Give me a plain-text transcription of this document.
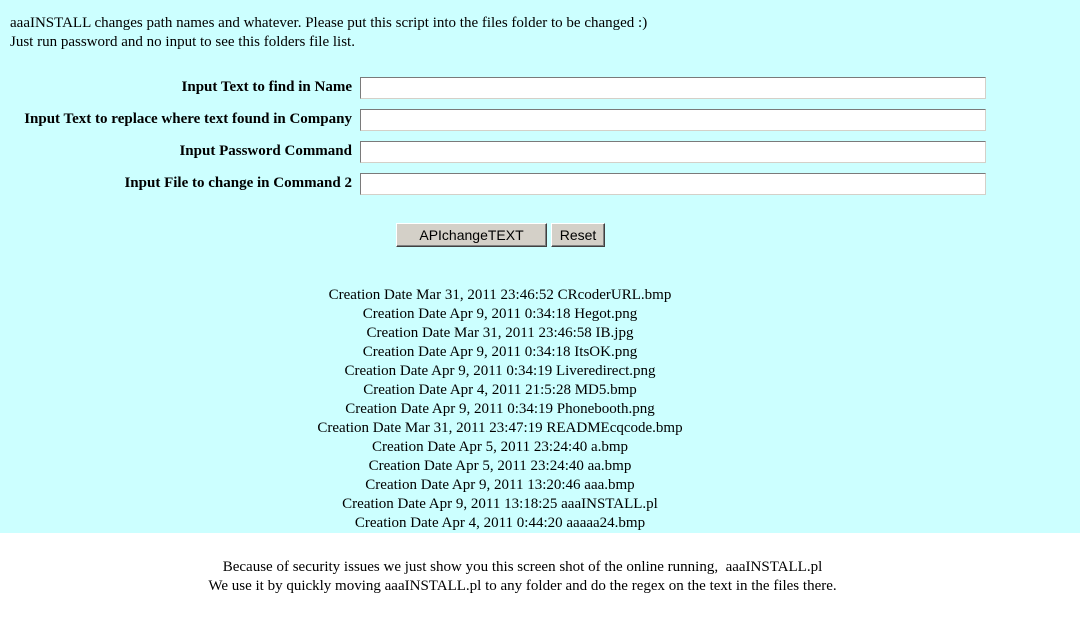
aaaINSTALL changes path names and whatever. Please put this script into the files folder to be changed :)
Just run password and no input to see this folders file list.
Input Text to find in Name
Input Text to replace where text found in Company
Input Password Command
Input File to change in Command 2
APIchangeTEXT	Reset
Creation Date Mar 31, 2011 23:46:52 CRcoderURL.bmp
Creation Date Apr 9, 2011 0:34:18 Hegot.png
Creation Date Mar 31, 2011 23:46:58 IB.jpg
Creation Date Apr 9, 2011 0:34:18 ItsOK.png
Creation Date Apr 9, 2011 0:34:19 Liveredirect.png
Creation Date Apr 4, 2011 21:5:28 MD5.bmp
Creation Date Apr 9, 2011 0:34:19 Phonebooth.png
Creation Date Mar 31, 2011 23:47:19 READMEcqcode.bmp
Creation Date Apr 5, 2011 23:24:40 a.bmp
Creation Date Apr 5, 2011 23:24:40 aa.bmp
Creation Date Apr 9, 2011 13:20:46 aaa.bmp
Creation Date Apr 9, 2011 13:18:25 aaaINSTALL.pl
Creation Date Apr 4, 2011 0:44:20 aaaaa24.bmp
Because of security issues we just show you this screen shot of the online running,  aaaINSTALL.pl
We use it by quickly moving aaaINSTALL.pl to any folder and do the regex on the text in the files there.
